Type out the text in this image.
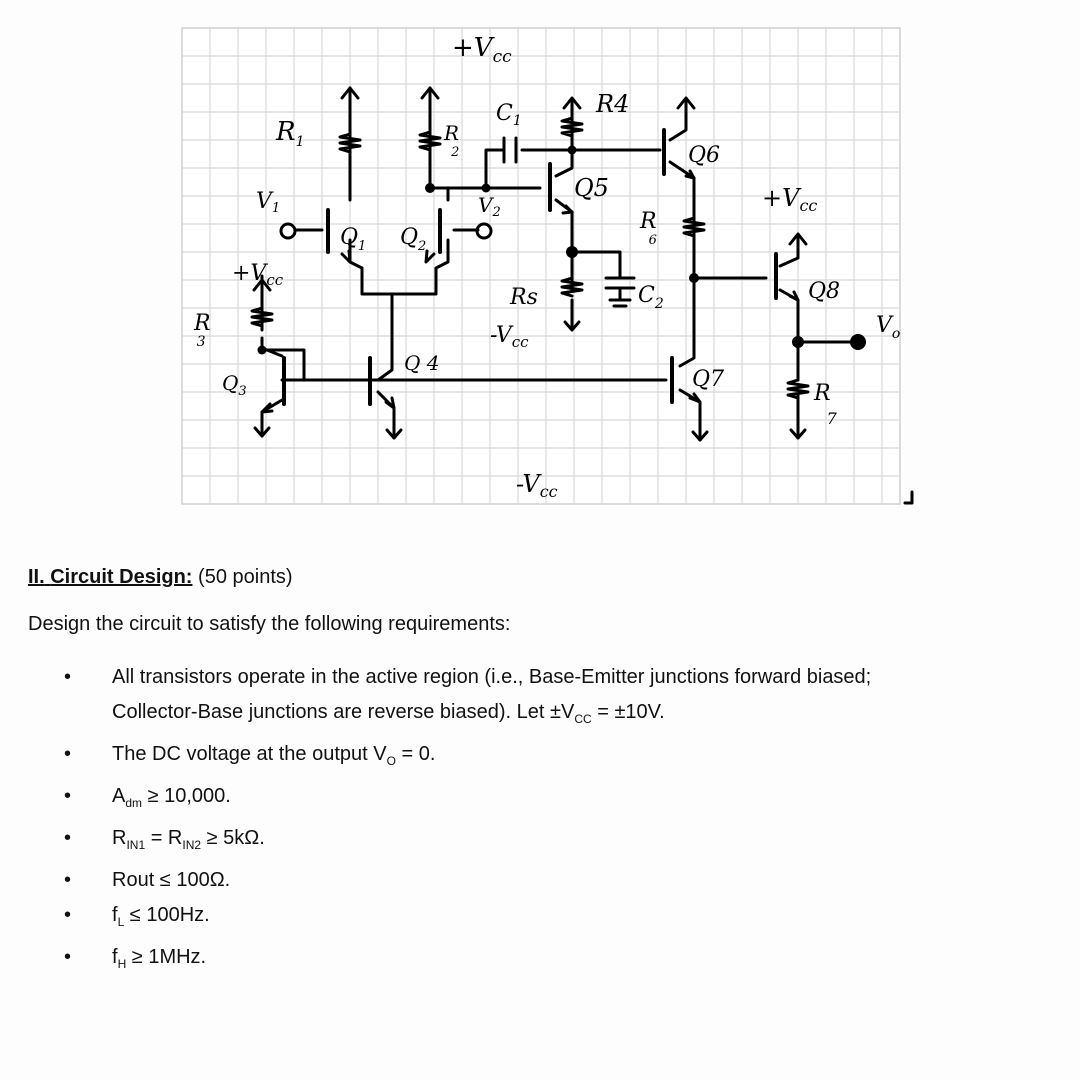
$+V_{cc}$
$+V_{cc}$
$+V_{cc}$
$-V_{cc}$
$-V_{cc}$
$R_1$	R 2
R 3
R4
Rs
R 6
R 7
$C_1$
$C_2$
V1	$V_2$
$V_o$
$Q_1$ $Q_2$
$Q_3$
Q 4
Q5
Q6
Q7
Q8
II. Circuit Design: (50 points)
Design the circuit to satisfy the following requirements:
• All transistors operate in the active region (i.e., Base-Emitter junctions forward biased;
Collector-Base junctions are reverse biased). Let $\pm V_{CC} = \pm 10V$.
• The DC voltage at the output $V_O = 0$.
• $A_{dm} \ge 10,000$.
• $R_{IN1} = R_{IN2} \ge 5k\Omega$.
• Rout ≤ 100Ω.
• $f_L \le 100Hz$.
• $f_H \ge 1MHz$.
